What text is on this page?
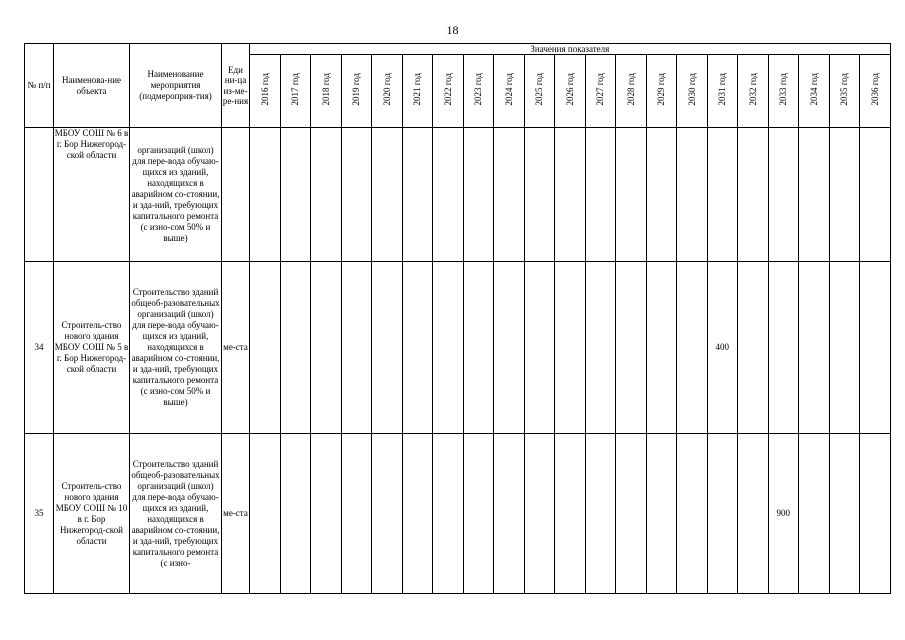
18
№ п/п	Наименова-ние объекта	Наименование мероприятия (подмероприя-тия)	Еди ни-ца из-ме-ре-ния	Значения показателя																				
				2016 год	2017 год	2018 год	2019 год	2020 год	2021 год	2022 год	2023 год	2024 год	2025 год	2026 год	2027 год	2028 год	2029 год	2030 год	2031 год	2032 год	2033 год	2034 год	2035 год	2036 год
	МБОУ СОШ № 6 в г. Бор Нижегород-ской области	организаций (школ) для пере-вода обучаю-щихся из зданий, находящихся в аварийном со-стоянии, и зда-ний, требующих капитального ремонта (с изно-сом 50% и выше)																						
34	Строитель-ство нового здания МБОУ СОШ № 5 в г. Бор Нижегород-ской области	Строительство зданий общеоб-разовательных организаций (школ) для пере-вода обучаю-щихся из зданий, находящихся в аварийном со-стоянии, и зда-ний, требующих капитального ремонта (с изно-сом 50% и выше)	ме-ста																400					
35	Строитель-ство нового здания МБОУ СОШ № 10 в г. Бор Нижегород-ской области	Строительство зданий общеоб-разовательных организаций (школ) для пере-вода обучаю-щихся из зданий, находящихся в аварийном со-стоянии, и зда-ний, требующих капитального ремонта (с изно-	ме-ста																		900			
